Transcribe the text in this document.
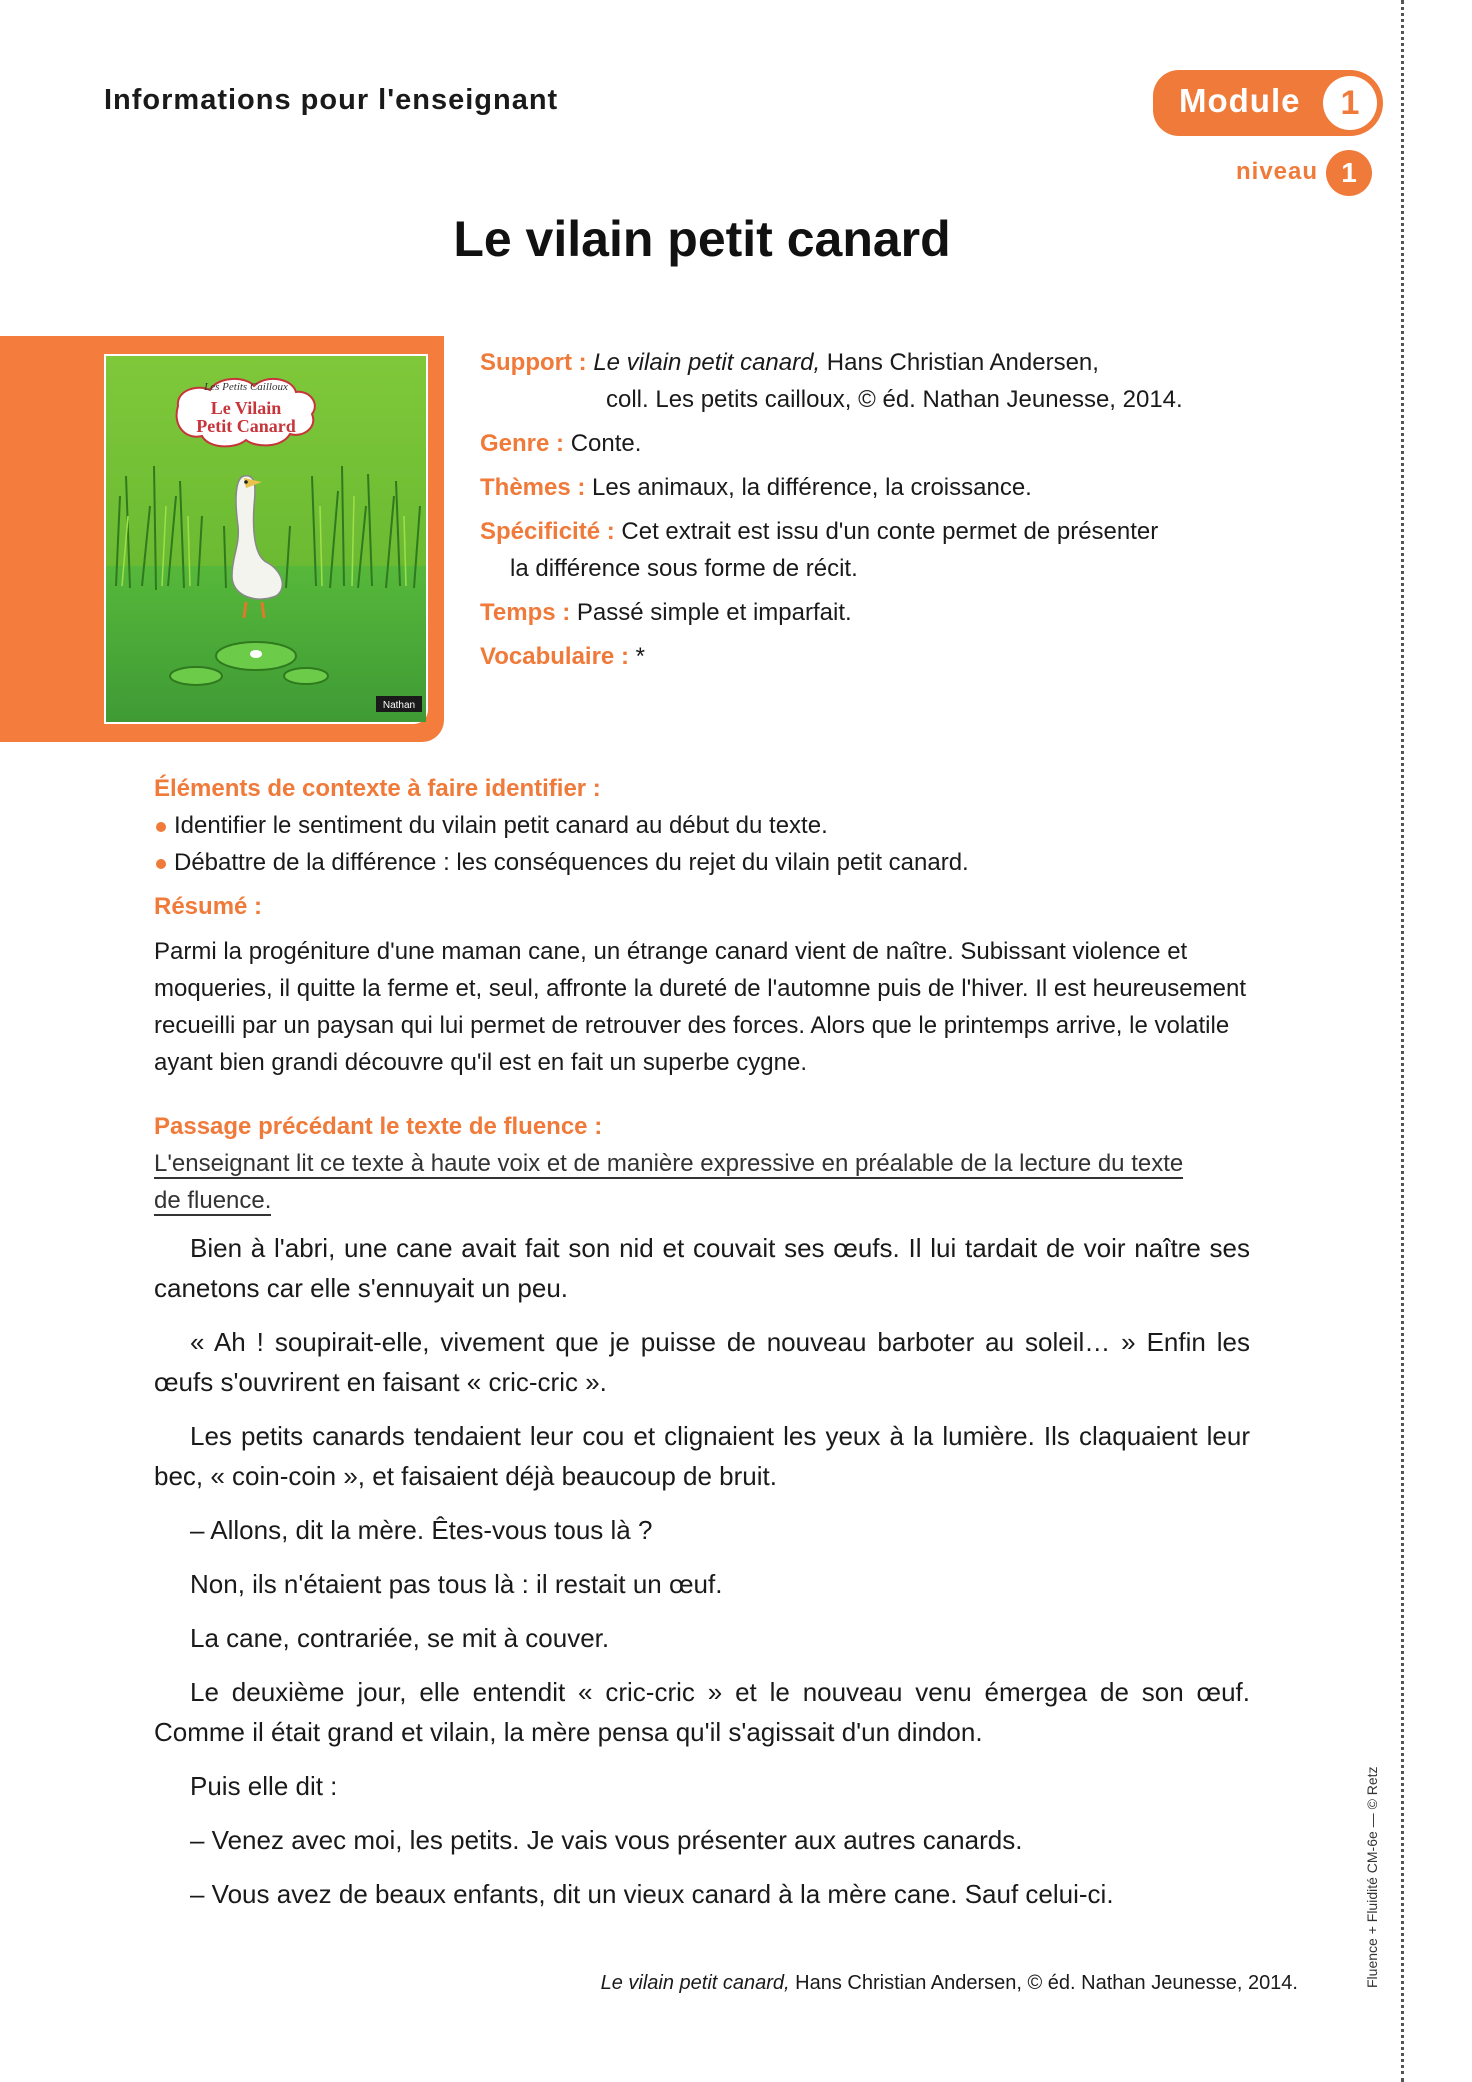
Informations pour l'enseignant	Module	1
niveau 1
Le vilain petit canard
Les Petits Cailloux
Le Vilain
Petit Canard
Nathan
Support : Le vilain petit canard, Hans Christian Andersen,
coll. Les petits cailloux, © éd. Nathan Jeunesse, 2014.
Genre : Conte.
Thèmes : Les animaux, la différence, la croissance.
Spécificité : Cet extrait est issu d'un conte permet de présenter
la différence sous forme de récit.
Temps : Passé simple et imparfait.
Vocabulaire : *
Éléments de contexte à faire identifier :
Identifier le sentiment du vilain petit canard au début du texte.
Débattre de la différence : les conséquences du rejet du vilain petit canard.
Résumé :
Parmi la progéniture d'une maman cane, un étrange canard vient de naître. Subissant violence et moqueries, il quitte la ferme et, seul, affronte la dureté de l'automne puis de l'hiver. Il est heureusement recueilli par un paysan qui lui permet de retrouver des forces. Alors que le printemps arrive, le volatile ayant bien grandi découvre qu'il est en fait un superbe cygne.
Passage précédant le texte de fluence :
L'enseignant lit ce texte à haute voix et de manière expressive en préalable de la lecture du texte de fluence.

Bien à l'abri, une cane avait fait son nid et couvait ses œufs. Il lui tardait de voir naître ses canetons car elle s'ennuyait un peu.

« Ah ! soupirait-elle, vivement que je puisse de nouveau barboter au soleil… » Enfin les œufs s'ouvrirent en faisant « cric-cric ».

Les petits canards tendaient leur cou et clignaient les yeux à la lumière. Ils claquaient leur bec, « coin-coin », et faisaient déjà beaucoup de bruit.

– Allons, dit la mère. Êtes-vous tous là ?

Non, ils n'étaient pas tous là : il restait un œuf.

La cane, contrariée, se mit à couver.

Le deuxième jour, elle entendit « cric-cric » et le nouveau venu émergea de son œuf. Comme il était grand et vilain, la mère pensa qu'il s'agissait d'un dindon.

Puis elle dit :

– Venez avec moi, les petits. Je vais vous présenter aux autres canards.

– Vous avez de beaux enfants, dit un vieux canard à la mère cane. Sauf celui-ci.

Le vilain petit canard, Hans Christian Andersen, © éd. Nathan Jeunesse, 2014.	Fluence + Fluidité CM-6e — © Retz
